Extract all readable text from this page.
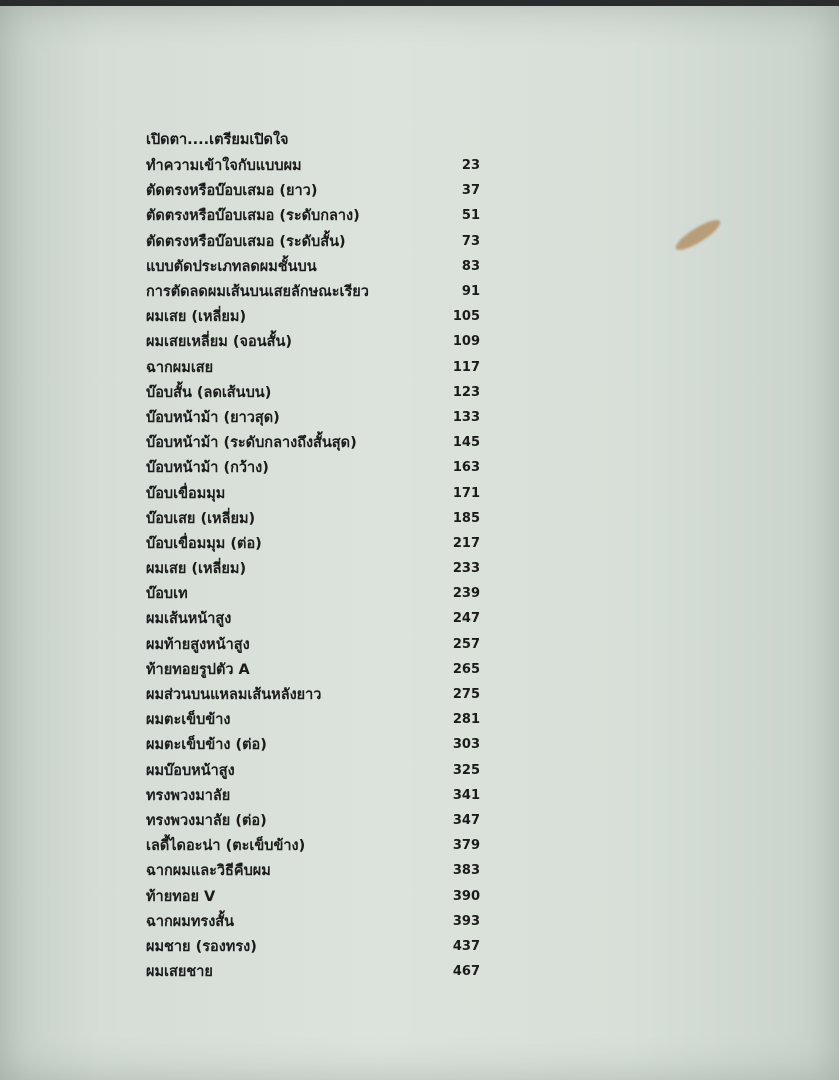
เปิดตา....เตรียมเปิดใจ
ทำความเข้าใจกับแบบผม	23
ตัดตรงหรือบ๊อบเสมอ (ยาว)	37
ตัดตรงหรือบ๊อบเสมอ (ระดับกลาง)	51
ตัดตรงหรือบ๊อบเสมอ (ระดับสั้น)	73
แบบตัดประเภทลดผมชั้นบน	83
การตัดลดผมเส้นบนเสยลักษณะเรียว	91
ผมเสย (เหลี่ยม)	105
ผมเสยเหลี่ยม (จอนสั้น)	109
ฉากผมเสย	117
บ๊อบสั้น (ลดเส้นบน)	123
บ๊อบหน้าม้า (ยาวสุด)	133
บ๊อบหน้าม้า (ระดับกลางถึงสั้นสุด)	145
บ๊อบหน้าม้า (กว้าง)	163
บ๊อบเขื่อมมุม	171
บ๊อบเสย (เหลี่ยม)	185
บ๊อบเขื่อมมุม (ต่อ)	217
ผมเสย (เหลี่ยม)	233
บ๊อบเท	239
ผมเส้นหน้าสูง	247
ผมท้ายสูงหน้าสูง	257
ท้ายทอยรูปตัว A	265
ผมส่วนบนแหลมเส้นหลังยาว	275
ผมตะเข็บข้าง	281
ผมตะเข็บข้าง (ต่อ)	303
ผมบ๊อบหน้าสูง	325
ทรงพวงมาลัย	341
ทรงพวงมาลัย (ต่อ)	347
เลดี้ไดอะน่า (ตะเข็บข้าง)	379
ฉากผมและวิธีคืบผม	383
ท้ายทอย V	390
ฉากผมทรงสั้น	393
ผมชาย (รองทรง)	437
ผมเสยชาย	467
